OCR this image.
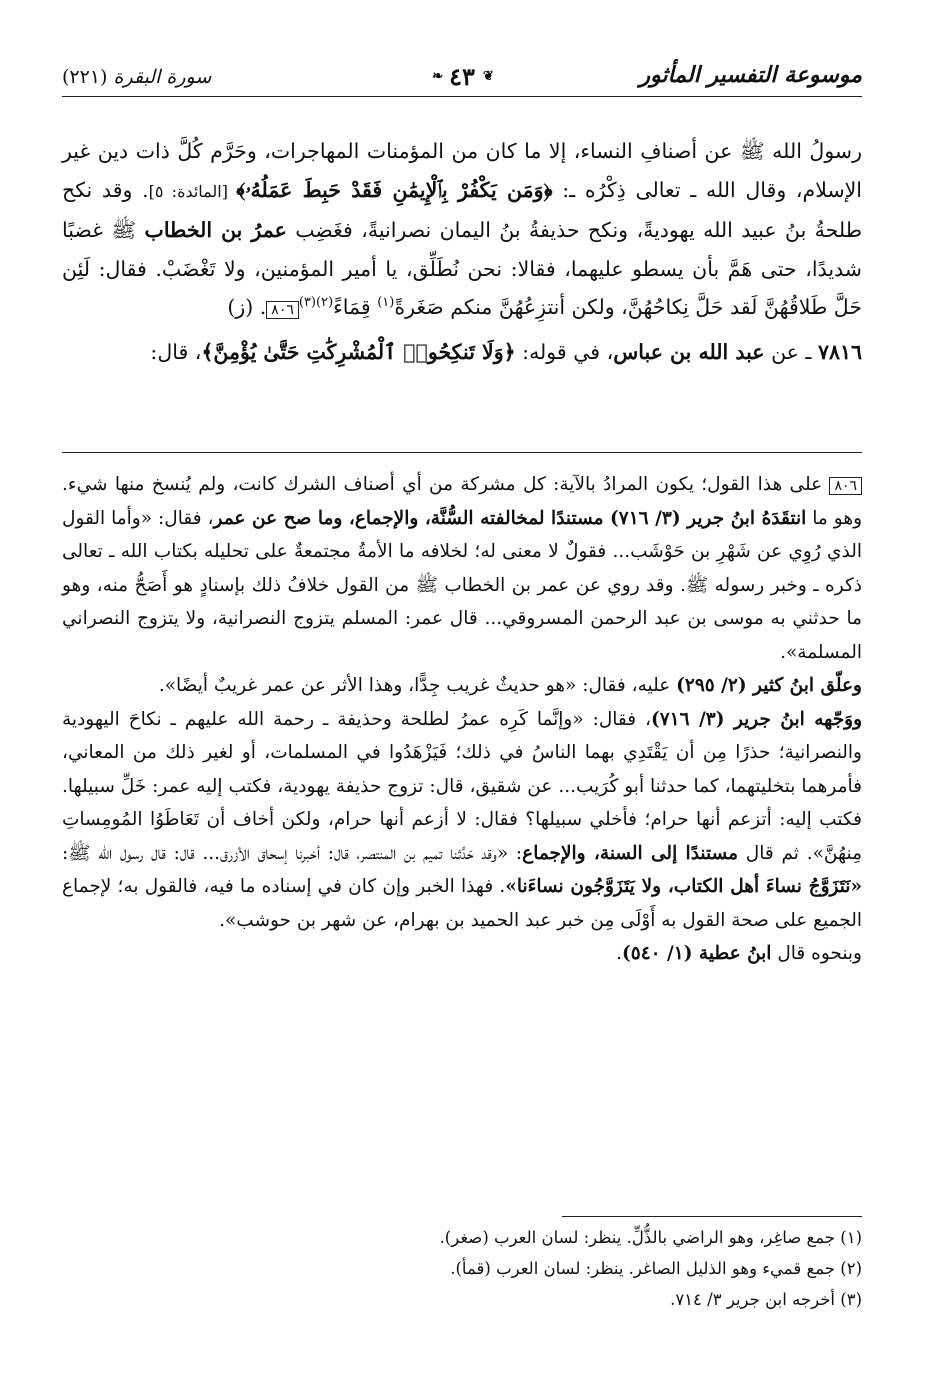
موسوعة التفسير المأثور
❦
٤٣
❧
سورة البقرة (٢٢١)

رسولُ الله ﷺ عن أصنافِ النساء، إلا ما كان من المؤمنات المهاجرات، وحَرَّم كُلَّ ذات دين غير الإسلام، وقال الله ـ تعالى ذِكْرُه ـ: ﴿وَمَن يَكْفُرْ بِٱلْإِيمَٰنِ فَقَدْ حَبِطَ عَمَلُهُۥ﴾ [المائدة: ٥]. وقد نكح طلحةُ بنُ عبيد الله يهوديةً، ونكح حذيفةُ بنُ اليمان نصرانيةً، فغَضِب عمرُ بن الخطاب ﷺ غضبًا شديدًا، حتى هَمَّ بأن يسطو عليهما، فقالا: نحن نُطَلِّق، يا أمير المؤمنين، ولا تَغْضَبْ. فقال: لَئِن حَلَّ طَلاقُهُنَّ لَقد حَلَّ نِكاحُهُنَّ، ولكن أنتزِعُهُنَّ منكم صَغَرةً$^{(١)}$ قِمَاءً$^{(٢)(٣)}$٨٠٦. (ز)

٧٨١٦ ـ عن عبد الله بن عباس، في قوله: ﴿وَلَا تَنكِحُوا۟ ٱلْمُشْرِكَٰتِ حَتَّىٰ يُؤْمِنَّ﴾، قال:

٨٠٦ على هذا القول؛ يكون المرادُ بالآية: كل مشركة من أي أصناف الشرك كانت، ولم يُنسخ منها شيء. وهو ما انتقَدَهُ ابنُ جرير (٣/ ٧١٦) مستندًا لمخالفته السُّنَّة، والإجماع، وما صح عن عمر، فقال: «وأما القول الذي رُوِي عن شَهْرِ بن حَوْشَب... فقولٌ لا معنى له؛ لخلافه ما الأمةُ مجتمعةٌ على تحليله بكتاب الله ـ تعالى ذكره ـ وخبر رسوله ﷺ. وقد روي عن عمر بن الخطاب ﷺ من القول خلافُ ذلك بإسنادٍ هو أَصَحُّ منه، وهو ما حدثني به موسى بن عبد الرحمن المسروقي... قال عمر: المسلم يتزوج النصرانية، ولا يتزوج النصراني المسلمة».

وعلّق ابنُ كثير (٢/ ٢٩٥) عليه، فقال: «هو حديثٌ غريب جِدًّا، وهذا الأثر عن عمر غريبٌ أيضًا».

ووَجّهه ابنُ جرير (٣/ ٧١٦)، فقال: «وإنَّما كَرِه عمرُ لطلحة وحذيفة ـ رحمة الله عليهم ـ نكاحَ اليهودية والنصرانية؛ حذرًا مِن أن يَقْتَدِي بهما الناسُ في ذلك؛ فَيَزْهَدُوا في المسلمات، أو لغير ذلك من المعاني، فأمرهما بتخليتهما، كما حدثنا أبو كُرَيب... عن شقيق، قال: تزوج حذيفة يهودية، فكتب إليه عمر: خَلِّ سبيلها. فكتب إليه: أتزعم أنها حرام؛ فأخلي سبيلها؟ فقال: لا أزعم أنها حرام، ولكن أخاف أن تَعَاطَوُا المُومِساتِ مِنهُنَّ». ثم قال مستندًا إلى السنة، والإجماع: «وقد حَدَّثنا تميم بن المنتصر، قال: أخبرنا إسحاق الأزرق... قال: قال رسول الله ﷺ: «نَتَزَوَّجُ نساءَ أهل الكتاب، ولا يَتَزَوَّجُون نساءَنا». فهذا الخبر وإن كان في إسناده ما فيه، فالقول به؛ لإجماع الجميع على صحة القول به أَوْلَى مِن خبر عبد الحميد بن بهرام، عن شهر بن حوشب».

وبنحوه قال ابنُ عطية (١/ ٥٤٠).

(١) جمع صاغِر، وهو الراضي بالذُّلِّ. ينظر: لسان العرب (صغر).

(٢) جمع قميء وهو الذليل الصاغر. ينظر: لسان العرب (قمأ).

(٣) أخرجه ابن جرير ٣/ ٧١٤.
